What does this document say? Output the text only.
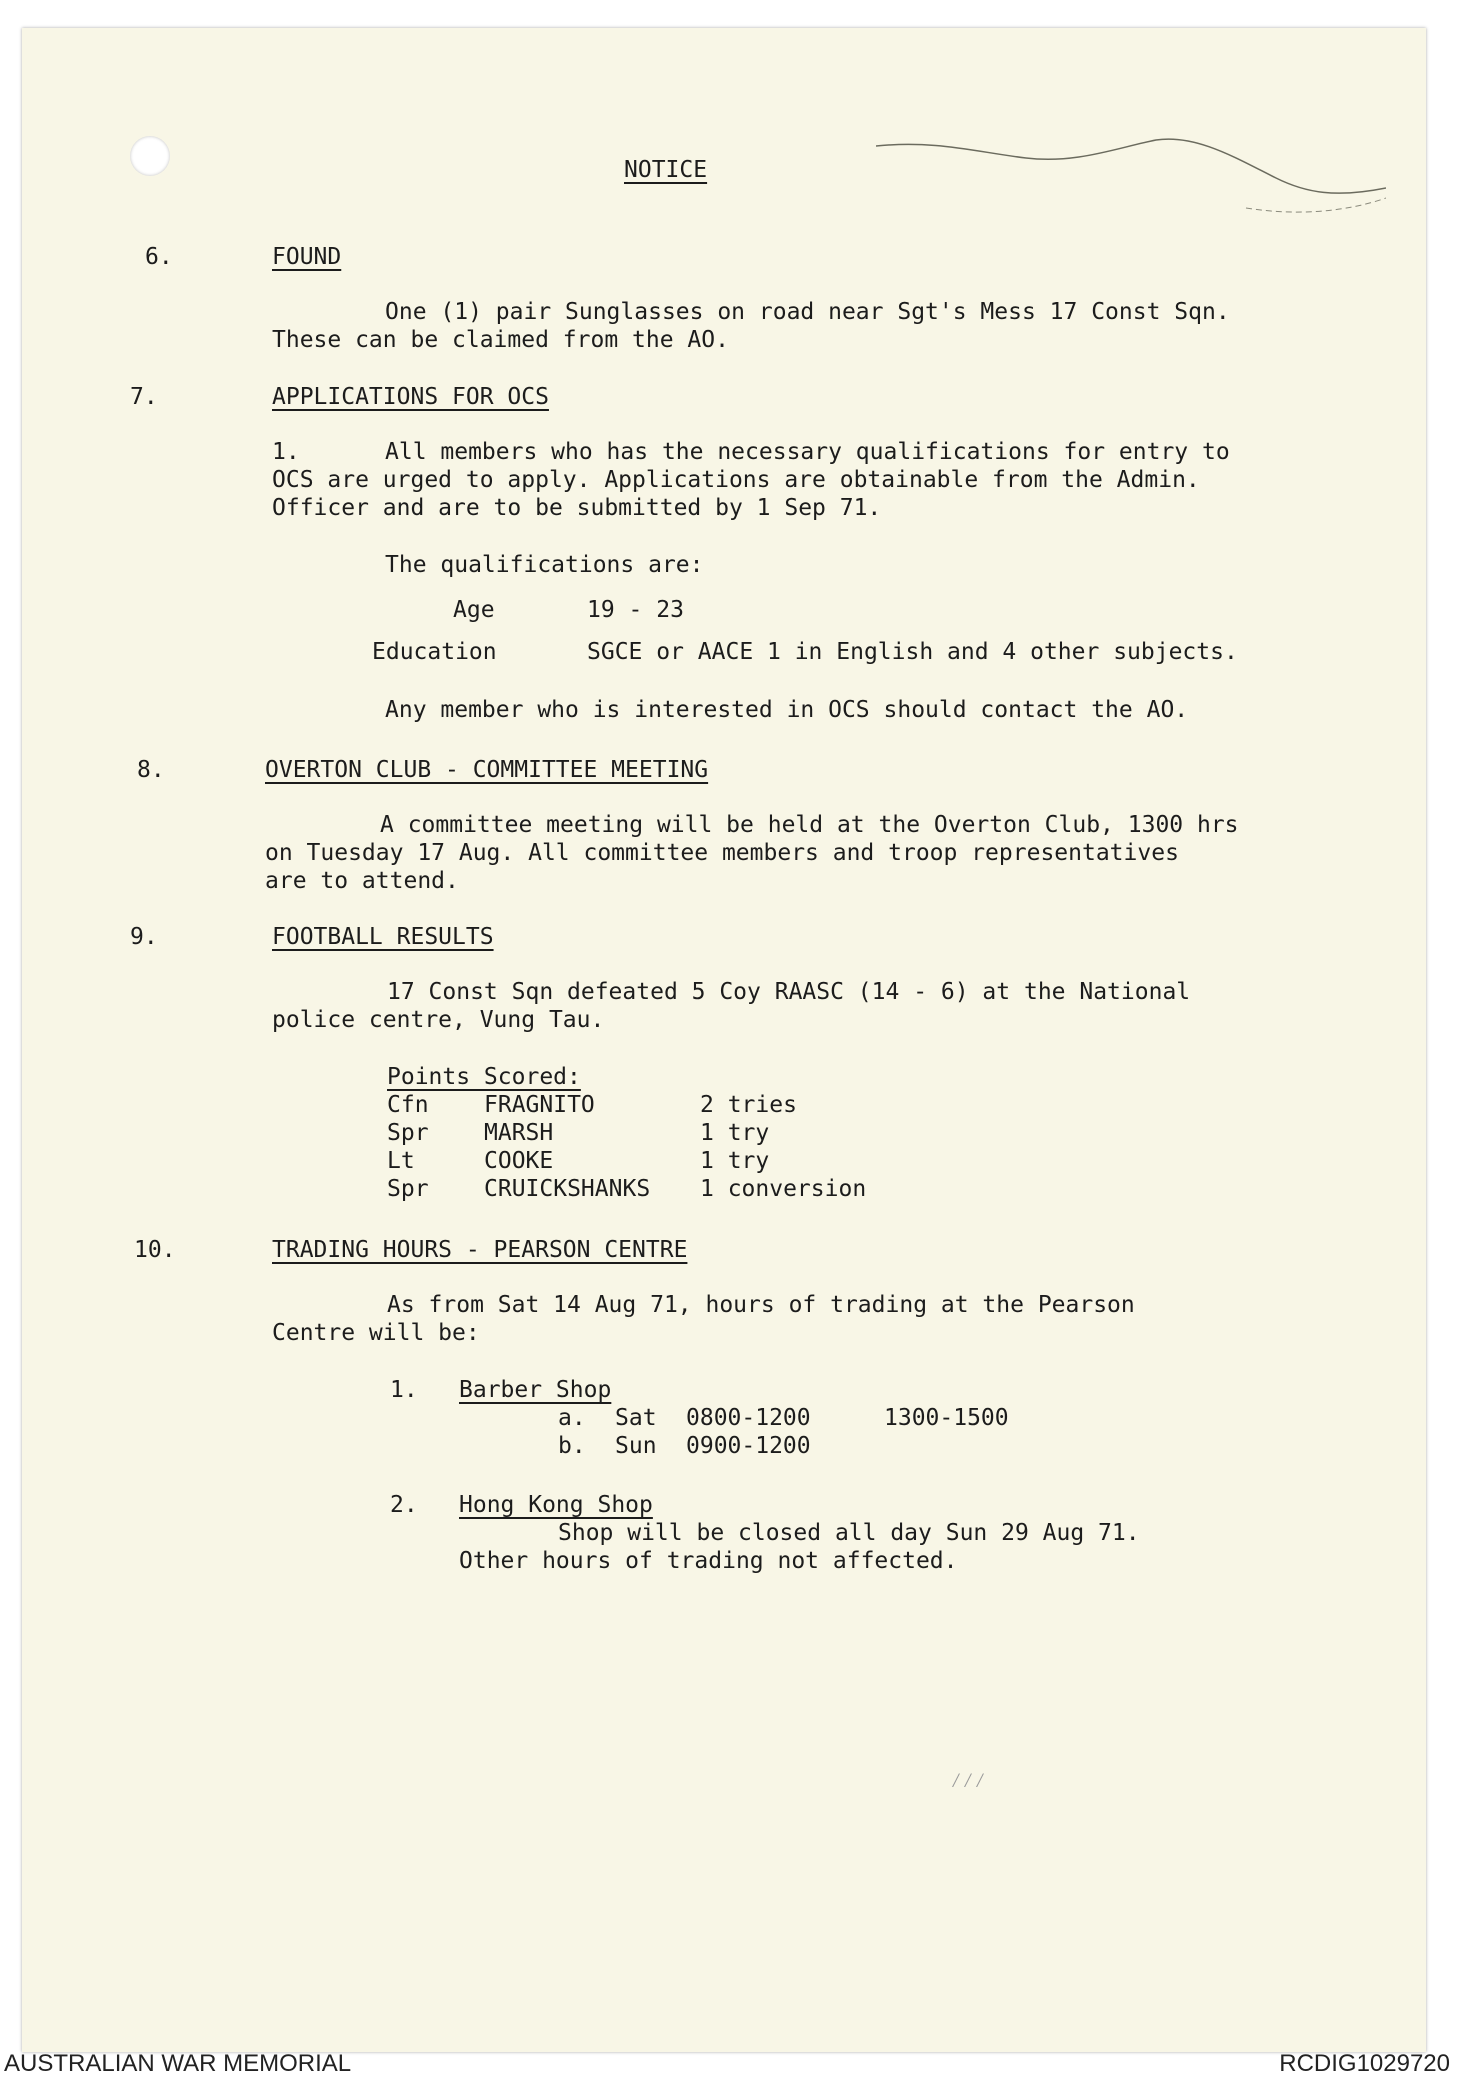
NOTICE
6.	FOUND
One (1) pair Sunglasses on road near Sgt's Mess 17 Const Sqn.
These can be claimed from the AO.
7.	APPLICATIONS FOR OCS
1.	All members who has the necessary qualifications for entry to
OCS are urged to apply. Applications are obtainable from the Admin.
Officer and are to be submitted by 1 Sep 71.
The qualifications are:
Age	19 - 23
Education	SGCE or AACE 1 in English and 4 other subjects.
Any member who is interested in OCS should contact the AO.
8.	OVERTON CLUB - COMMITTEE MEETING
A committee meeting will be held at the Overton Club, 1300 hrs
on Tuesday 17 Aug. All committee members and troop representatives
are to attend.
9.	FOOTBALL RESULTS
17 Const Sqn defeated 5 Coy RAASC (14 - 6) at the National
police centre, Vung Tau.
Points Scored:
Cfn FRAGNITO	2 tries
Spr MARSH	1 try
Lt	COOKE	1 try
Spr CRUICKSHANKS 1 conversion
10.	TRADING HOURS - PEARSON CENTRE
As from Sat 14 Aug 71, hours of trading at the Pearson
Centre will be:
1. Barber Shop
a. Sat 0800-1200	1300-1500
b. Sun 0900-1200
2. Hong Kong Shop
Shop will be closed all day Sun 29 Aug 71.
Other hours of trading not affected.
⁄⁄⁄
AUSTRALIAN WAR MEMORIAL	RCDIG1029720
